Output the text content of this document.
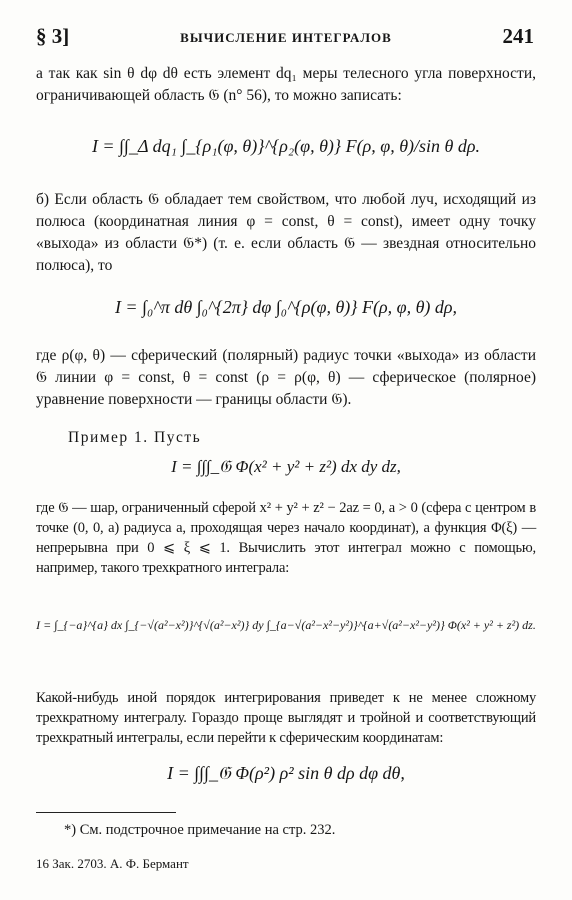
§ 3]	ВЫЧИСЛЕНИЕ ИНТЕГРАЛОВ	241

а так как sin θ dφ dθ есть элемент dq₁ меры телесного угла поверхности, ограничивающей область 𝔊 (n° 56), то можно записать:

I = ∫∫_Δ dq₁ ∫_{ρ₁(φ, θ)}^{ρ₂(φ, θ)} F(ρ, φ, θ)/sin θ dρ.

б) Если область 𝔊 обладает тем свойством, что любой луч, исходящий из полюса (координатная линия φ = const, θ = const), имеет одну точку «выхода» из области 𝔊*) (т. е. если область 𝔊 — звездная относительно полюса), то

I = ∫₀^π dθ ∫₀^{2π} dφ ∫₀^{ρ(φ, θ)} F(ρ, φ, θ) dρ,

где ρ(φ, θ) — сферический (полярный) радиус точки «выхода» из области 𝔊 линии φ = const, θ = const (ρ = ρ(φ, θ) — сферическое (полярное) уравнение поверхности — границы области 𝔊).

Пример 1. Пусть

I = ∫∫∫_𝔊 Φ(x² + y² + z²) dx dy dz,

где 𝔊 — шар, ограниченный сферой x² + y² + z² − 2az = 0, a > 0 (сфера с центром в точке (0, 0, a) радиуса a, проходящая через начало координат), а функция Φ(ξ) — непрерывна при 0 ⩽ ξ ⩽ 1. Вычислить этот интеграл можно с помощью, например, такого трехкратного интеграла:

I = ∫_{−a}^{a} dx ∫_{−√(a²−x²)}^{√(a²−x²)} dy ∫_{a−√(a²−x²−y²)}^{a+√(a²−x²−y²)} Φ(x² + y² + z²) dz.

Какой-нибудь иной порядок интегрирования приведет к не менее сложному трехкратному интегралу. Гораздо проще выглядят и тройной и соответствующий трехкратный интегралы, если перейти к сферическим координатам:

I = ∫∫∫_𝔊 Φ(ρ²) ρ² sin θ dρ dφ dθ,

*) См. подстрочное примечание на стр. 232.

16 Зак. 2703. А. Ф. Бермант
